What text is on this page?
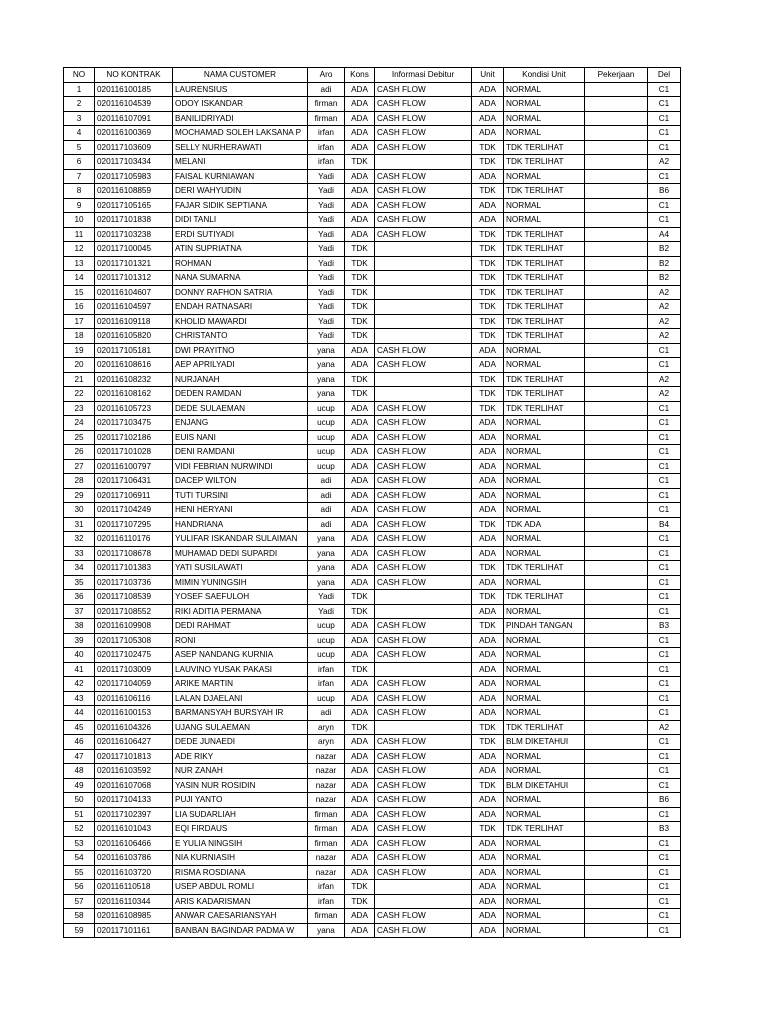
NO	NO KONTRAK	NAMA CUSTOMER	Aro	Kons	Informasi Debitur	Unit	Kondisi Unit	Pekerjaan	Del
1	020116100185	LAURENSIUS	adi	ADA	CASH FLOW	ADA	NORMAL		C1
2	020116104539	ODOY ISKANDAR	firman	ADA	CASH FLOW	ADA	NORMAL		C1
3	020116107091	BANILIDRIYADI	firman	ADA	CASH FLOW	ADA	NORMAL		C1
4	020116100369	MOCHAMAD SOLEH LAKSANA P	irfan	ADA	CASH FLOW	ADA	NORMAL		C1
5	020117103609	SELLY NURHERAWATI	irfan	ADA	CASH FLOW	TDK	TDK TERLIHAT		C1
6	020117103434	MELANI	irfan	TDK		TDK	TDK TERLIHAT		A2
7	020117105983	FAISAL KURNIAWAN	Yadi	ADA	CASH FLOW	ADA	NORMAL		C1
8	020116108859	DERI WAHYUDIN	Yadi	ADA	CASH FLOW	TDK	TDK TERLIHAT		B6
9	020117105165	FAJAR SIDIK SEPTIANA	Yadi	ADA	CASH FLOW	ADA	NORMAL		C1
10	020117101838	DIDI TANLI	Yadi	ADA	CASH FLOW	ADA	NORMAL		C1
11	020117103238	ERDI SUTIYADI	Yadi	ADA	CASH FLOW	TDK	TDK TERLIHAT		A4
12	020117100045	ATIN SUPRIATNA	Yadi	TDK		TDK	TDK TERLIHAT		B2
13	020117101321	ROHMAN	Yadi	TDK		TDK	TDK TERLIHAT		B2
14	020117101312	NANA SUMARNA	Yadi	TDK		TDK	TDK TERLIHAT		B2
15	020116104607	DONNY RAFHON SATRIA	Yadi	TDK		TDK	TDK TERLIHAT		A2
16	020116104597	ENDAH RATNASARI	Yadi	TDK		TDK	TDK TERLIHAT		A2
17	020116109118	KHOLID MAWARDI	Yadi	TDK		TDK	TDK TERLIHAT		A2
18	020116105820	CHRISTANTO	Yadi	TDK		TDK	TDK TERLIHAT		A2
19	020117105181	DWI PRAYITNO	yana	ADA	CASH FLOW	ADA	NORMAL		C1
20	020116108616	AEP APRILYADI	yana	ADA	CASH FLOW	ADA	NORMAL		C1
21	020116108232	NURJANAH	yana	TDK		TDK	TDK TERLIHAT		A2
22	020116108162	DEDEN RAMDAN	yana	TDK		TDK	TDK TERLIHAT		A2
23	020116105723	DEDE SULAEMAN	ucup	ADA	CASH FLOW	TDK	TDK TERLIHAT		C1
24	020117103475	ENJANG	ucup	ADA	CASH FLOW	ADA	NORMAL		C1
25	020117102186	EUIS NANI	ucup	ADA	CASH FLOW	ADA	NORMAL		C1
26	020117101028	DENI RAMDANI	ucup	ADA	CASH FLOW	ADA	NORMAL		C1
27	020116100797	VIDI FEBRIAN NURWINDI	ucup	ADA	CASH FLOW	ADA	NORMAL		C1
28	020117106431	DACEP WILTON	adi	ADA	CASH FLOW	ADA	NORMAL		C1
29	020117106911	TUTI TURSINI	adi	ADA	CASH FLOW	ADA	NORMAL		C1
30	020117104249	HENI HERYANI	adi	ADA	CASH FLOW	ADA	NORMAL		C1
31	020117107295	HANDRIANA	adi	ADA	CASH FLOW	TDK	TDK ADA		B4
32	020116110176	YULIFAR ISKANDAR SULAIMAN	yana	ADA	CASH FLOW	ADA	NORMAL		C1
33	020117108678	MUHAMAD DEDI SUPARDI	yana	ADA	CASH FLOW	ADA	NORMAL		C1
34	020117101383	YATI SUSILAWATI	yana	ADA	CASH FLOW	TDK	TDK TERLIHAT		C1
35	020117103736	MIMIN YUNINGSIH	yana	ADA	CASH FLOW	ADA	NORMAL		C1
36	020117108539	YOSEF SAEFULOH	Yadi	TDK		TDK	TDK TERLIHAT		C1
37	020117108552	RIKI ADITIA PERMANA	Yadi	TDK		ADA	NORMAL		C1
38	020116109908	DEDI RAHMAT	ucup	ADA	CASH FLOW	TDK	PINDAH TANGAN		B3
39	020117105308	RONI	ucup	ADA	CASH FLOW	ADA	NORMAL		C1
40	020117102475	ASEP NANDANG KURNIA	ucup	ADA	CASH FLOW	ADA	NORMAL		C1
41	020117103009	LAUVINO YUSAK PAKASI	irfan	TDK		ADA	NORMAL		C1
42	020117104059	ARIKE MARTIN	irfan	ADA	CASH FLOW	ADA	NORMAL		C1
43	020116106116	LALAN DJAELANI	ucup	ADA	CASH FLOW	ADA	NORMAL		C1
44	020116100153	BARMANSYAH BURSYAH IR	adi	ADA	CASH FLOW	ADA	NORMAL		C1
45	020116104326	UJANG SULAEMAN	aryn	TDK		TDK	TDK TERLIHAT		A2
46	020116106427	DEDE JUNAEDI	aryn	ADA	CASH FLOW	TDK	BLM DIKETAHUI		C1
47	020117101813	ADE RIKY	nazar	ADA	CASH FLOW	ADA	NORMAL		C1
48	020116103592	NUR ZANAH	nazar	ADA	CASH FLOW	ADA	NORMAL		C1
49	020116107068	YASIN NUR ROSIDIN	nazar	ADA	CASH FLOW	TDK	BLM DIKETAHUI		C1
50	020117104133	PUJI YANTO	nazar	ADA	CASH FLOW	ADA	NORMAL		B6
51	020117102397	LIA SUDARLIAH	firman	ADA	CASH FLOW	ADA	NORMAL		C1
52	020116101043	EQI FIRDAUS	firman	ADA	CASH FLOW	TDK	TDK TERLIHAT		B3
53	020116106466	E YULIA NINGSIH	firman	ADA	CASH FLOW	ADA	NORMAL		C1
54	020116103786	NIA KURNIASIH	nazar	ADA	CASH FLOW	ADA	NORMAL		C1
55	020116103720	RISMA ROSDIANA	nazar	ADA	CASH FLOW	ADA	NORMAL		C1
56	020116110518	USEP ABDUL ROMLI	irfan	TDK		ADA	NORMAL		C1
57	020116110344	ARIS KADARISMAN	irfan	TDK		ADA	NORMAL		C1
58	020116108985	ANWAR CAESARIANSYAH	firman	ADA	CASH FLOW	ADA	NORMAL		C1
59	020117101161	BANBAN BAGINDAR PADMA W	yana	ADA	CASH FLOW	ADA	NORMAL		C1
